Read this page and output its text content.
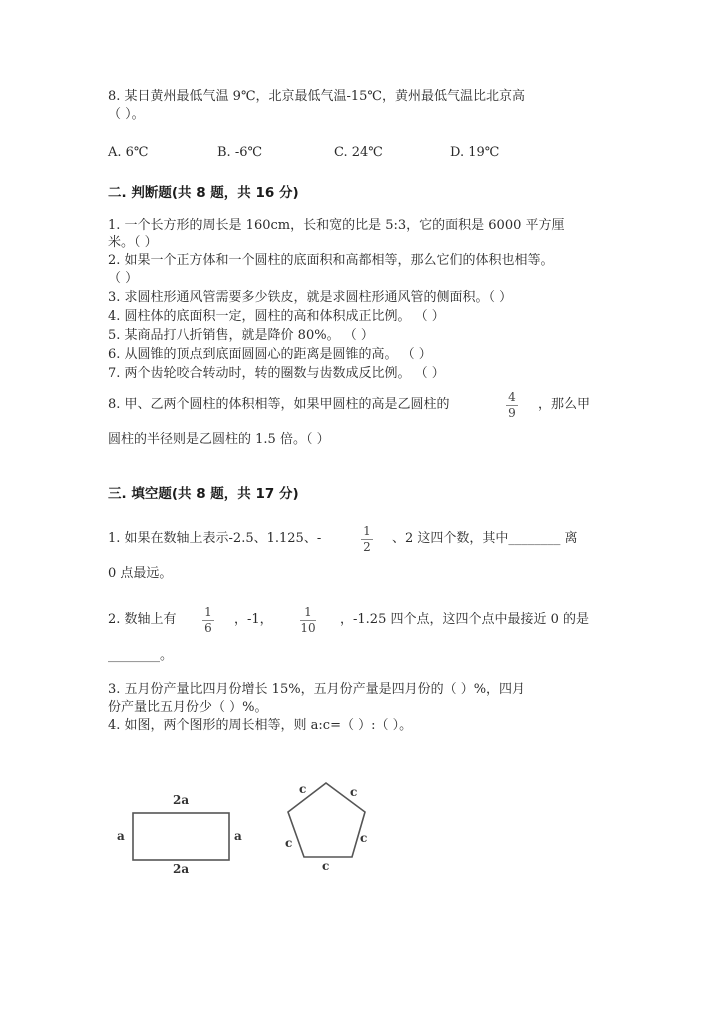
8. 某日黄州最低气温 9℃，北京最低气温-15℃，黄州最低气温比北京高
（ ）。
A. 6℃	B. -6℃	C. 24℃	D. 19℃
二. 判断题(共 8 题，共 16 分)
1. 一个长方形的周长是 160cm，长和宽的比是 5:3，它的面积是 6000 平方厘
米。（ ）
2. 如果一个正方体和一个圆柱的底面积和高都相等，那么它们的体积也相等。
（ ）
3. 求圆柱形通风管需要多少铁皮，就是求圆柱形通风管的侧面积。（ ）
4. 圆柱体的底面积一定，圆柱的高和体积成正比例。 （ ）
5. 某商品打八折销售，就是降价 80%。 （ ）
6. 从圆锥的顶点到底面圆圆心的距离是圆锥的高。 （ ）
7. 两个齿轮咬合转动时，转的圈数与齿数成反比例。 （ ）
8. 甲、乙两个圆柱的体积相等，如果甲圆柱的高是乙圆柱的	4
9
，那么甲
圆柱的半径则是乙圆柱的 1.5 倍。（ ）
三. 填空题(共 8 题，共 17 分)
1. 如果在数轴上表示-2.5、1.125、-	1
2
、2 这四个数，其中________ 离
0 点最远。
2. 数轴上有 1
6
，-1，	1
10
，-1.25 四个点，这四个点中最接近 0 的是
________。
3. 五月份产量比四月份增长 15%，五月份产量是四月份的（ ）%，四月
份产量比五月份少（ ）%。
4. 如图，两个图形的周长相等，则 a:c=（ ）:（ ）。
2a
2a
a	a
c	c
c
c
c
